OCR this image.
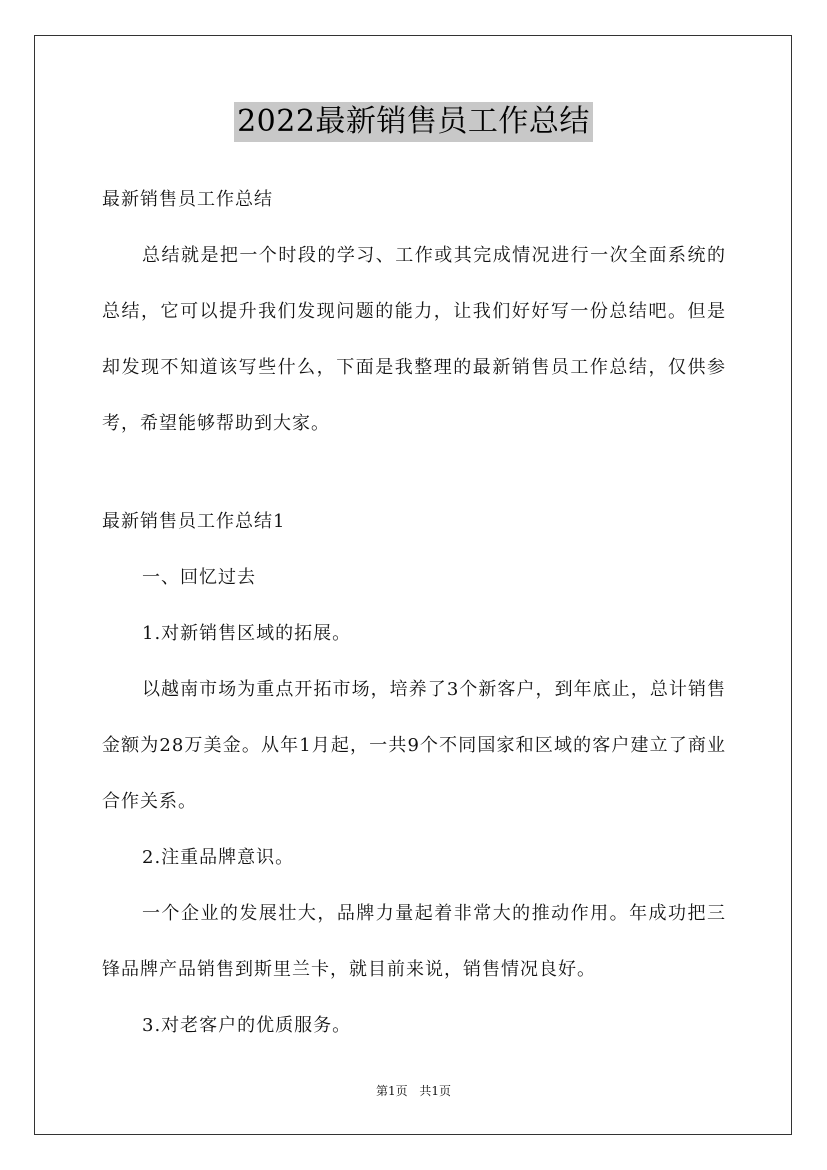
2022最新销售员工作总结

最新销售员工作总结

总结就是把一个时段的学习、工作或其完成情况进行一次全面系统的总结，它可以提升我们发现问题的能力，让我们好好写一份总结吧。但是却发现不知道该写些什么，下面是我整理的最新销售员工作总结，仅供参考，希望能够帮助到大家。

最新销售员工作总结1

一、回忆过去

1.对新销售区域的拓展。

以越南市场为重点开拓市场，培养了3个新客户，到年底止，总计销售金额为28万美金。从年1月起，一共9个不同国家和区域的客户建立了商业合作关系。

2.注重品牌意识。

一个企业的发展壮大，品牌力量起着非常大的推动作用。年成功把三锋品牌产品销售到斯里兰卡，就目前来说，销售情况良好。

3.对老客户的优质服务。

第1页 共1页
